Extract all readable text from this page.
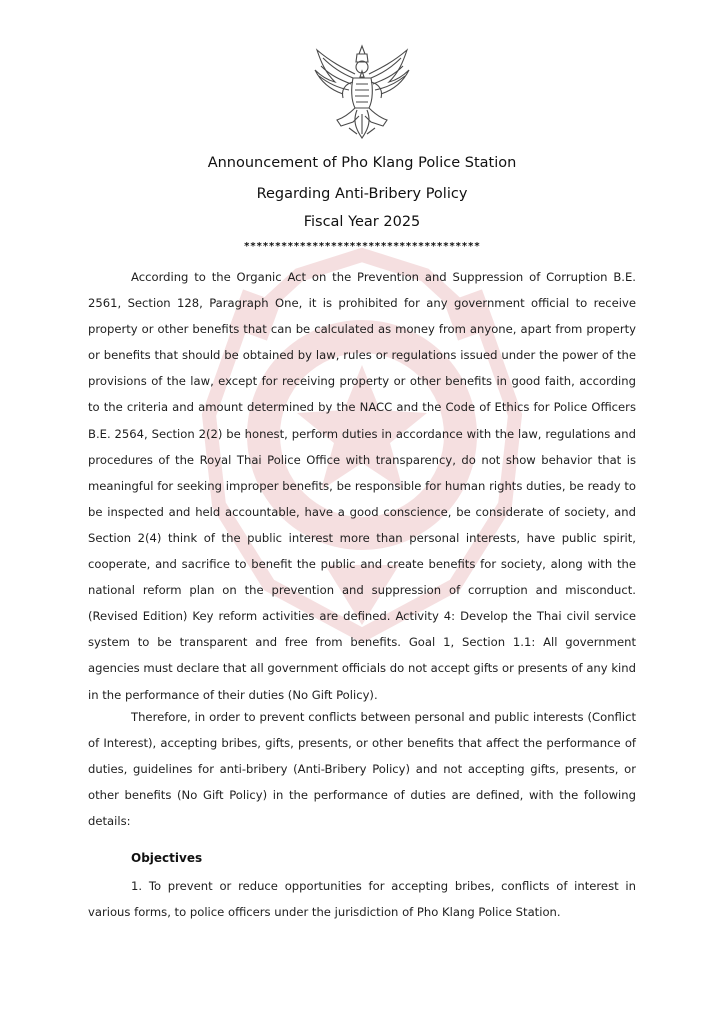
Announcement of Pho Klang Police Station
Regarding Anti-Bribery Policy
Fiscal Year 2025
**************************************

According to the Organic Act on the Prevention and Suppression of Corruption B.E. 2561, Section 128, Paragraph One, it is prohibited for any government official to receive property or other benefits that can be calculated as money from anyone, apart from property or benefits that should be obtained by law, rules or regulations issued under the power of the provisions of the law, except for receiving property or other benefits in good faith, according to the criteria and amount determined by the NACC and the Code of Ethics for Police Officers B.E. 2564, Section 2(2) be honest, perform duties in accordance with the law, regulations and procedures of the Royal Thai Police Office with transparency, do not show behavior that is meaningful for seeking improper benefits, be responsible for human rights duties, be ready to be inspected and held accountable, have a good conscience, be considerate of society, and Section 2(4) think of the public interest more than personal interests, have public spirit, cooperate, and sacrifice to benefit the public and create benefits for society, along with the national reform plan on the prevention and suppression of corruption and misconduct. (Revised Edition) Key reform activities are defined. Activity 4: Develop the Thai civil service system to be transparent and free from benefits. Goal 1, Section 1.1: All government agencies must declare that all government officials do not accept gifts or presents of any kind in the performance of their duties (No Gift Policy).

Therefore, in order to prevent conflicts between personal and public interests (Conflict of Interest), accepting bribes, gifts, presents, or other benefits that affect the performance of duties, guidelines for anti-bribery (Anti-Bribery Policy) and not accepting gifts, presents, or other benefits (No Gift Policy) in the performance of duties are defined, with the following details:

Objectives

1. To prevent or reduce opportunities for accepting bribes, conflicts of interest in various forms, to police officers under the jurisdiction of Pho Klang Police Station.
